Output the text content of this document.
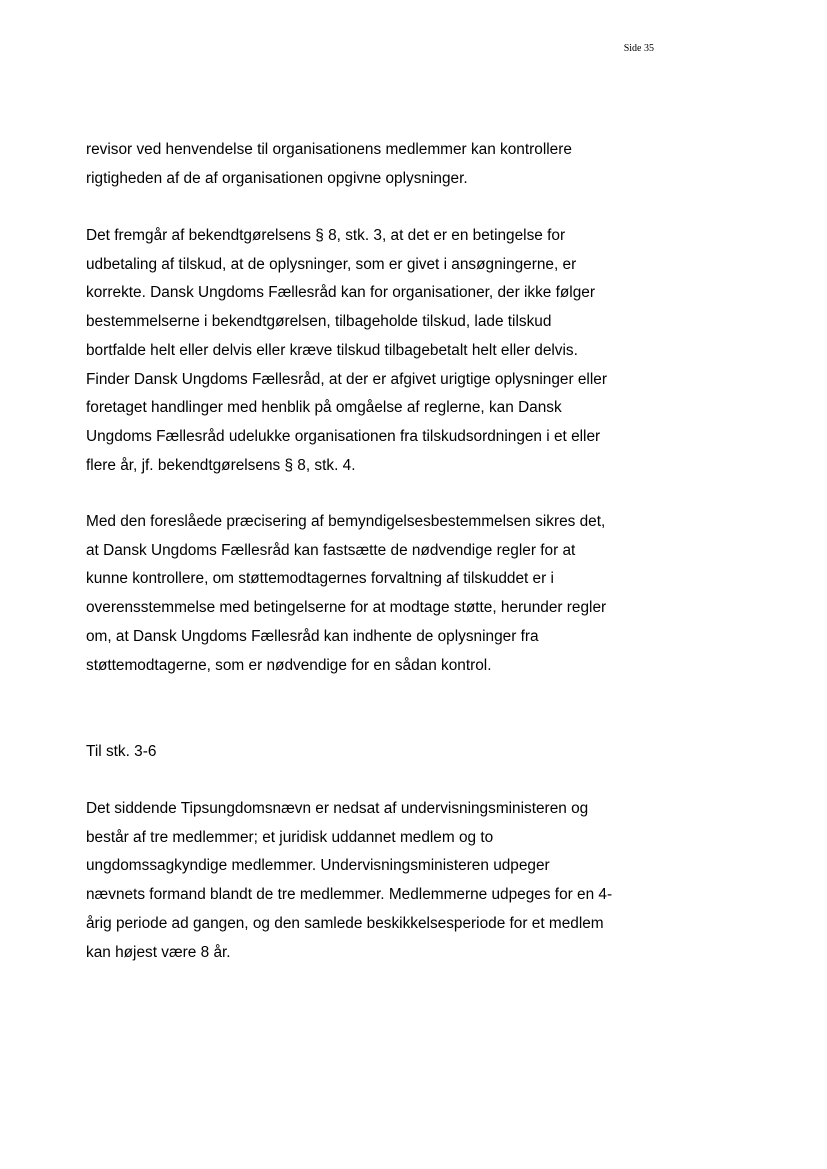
Side 35
revisor ved henvendelse til organisationens medlemmer kan kontrollere
rigtigheden af de af organisationen opgivne oplysninger.
Det fremgår af bekendtgørelsens § 8, stk. 3, at det er en betingelse for
udbetaling af tilskud, at de oplysninger, som er givet i ansøgningerne, er
korrekte. Dansk Ungdoms Fællesråd kan for organisationer, der ikke følger
bestemmelserne i bekendtgørelsen, tilbageholde tilskud, lade tilskud
bortfalde helt eller delvis eller kræve tilskud tilbagebetalt helt eller delvis.
Finder Dansk Ungdoms Fællesråd, at der er afgivet urigtige oplysninger eller
foretaget handlinger med henblik på omgåelse af reglerne, kan Dansk
Ungdoms Fællesråd udelukke organisationen fra tilskudsordningen i et eller
flere år, jf. bekendtgørelsens § 8, stk. 4.
Med den foreslåede præcisering af bemyndigelsesbestemmelsen sikres det,
at Dansk Ungdoms Fællesråd kan fastsætte de nødvendige regler for at
kunne kontrollere, om støttemodtagernes forvaltning af tilskuddet er i
overensstemmelse med betingelserne for at modtage støtte, herunder regler
om, at Dansk Ungdoms Fællesråd kan indhente de oplysninger fra
støttemodtagerne, som er nødvendige for en sådan kontrol.
Til stk. 3-6
Det siddende Tipsungdomsnævn er nedsat af undervisningsministeren og
består af tre medlemmer; et juridisk uddannet medlem og to
ungdomssagkyndige medlemmer. Undervisningsministeren udpeger
nævnets formand blandt de tre medlemmer. Medlemmerne udpeges for en 4-
årig periode ad gangen, og den samlede beskikkelsesperiode for et medlem
kan højest være 8 år.
